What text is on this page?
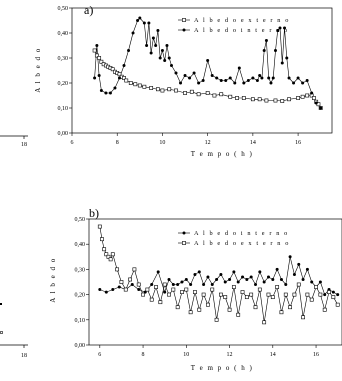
18
18
6	8	10	12	14	16
0,00
0,10
0,20
0,30
0,40
0,50 a)
T e m p o ( h )
A l b e d o
A l b e d o e x t e r n o
A l b e d o i n t e r n o
6	8	10	12	14	16
0,00
0,10
0,20
0,30
0,40
0,50 b)
T e m p o ( h )
A l b e d o
A l b e d o i n t e r n o
A l b e d o e x t e r n o
